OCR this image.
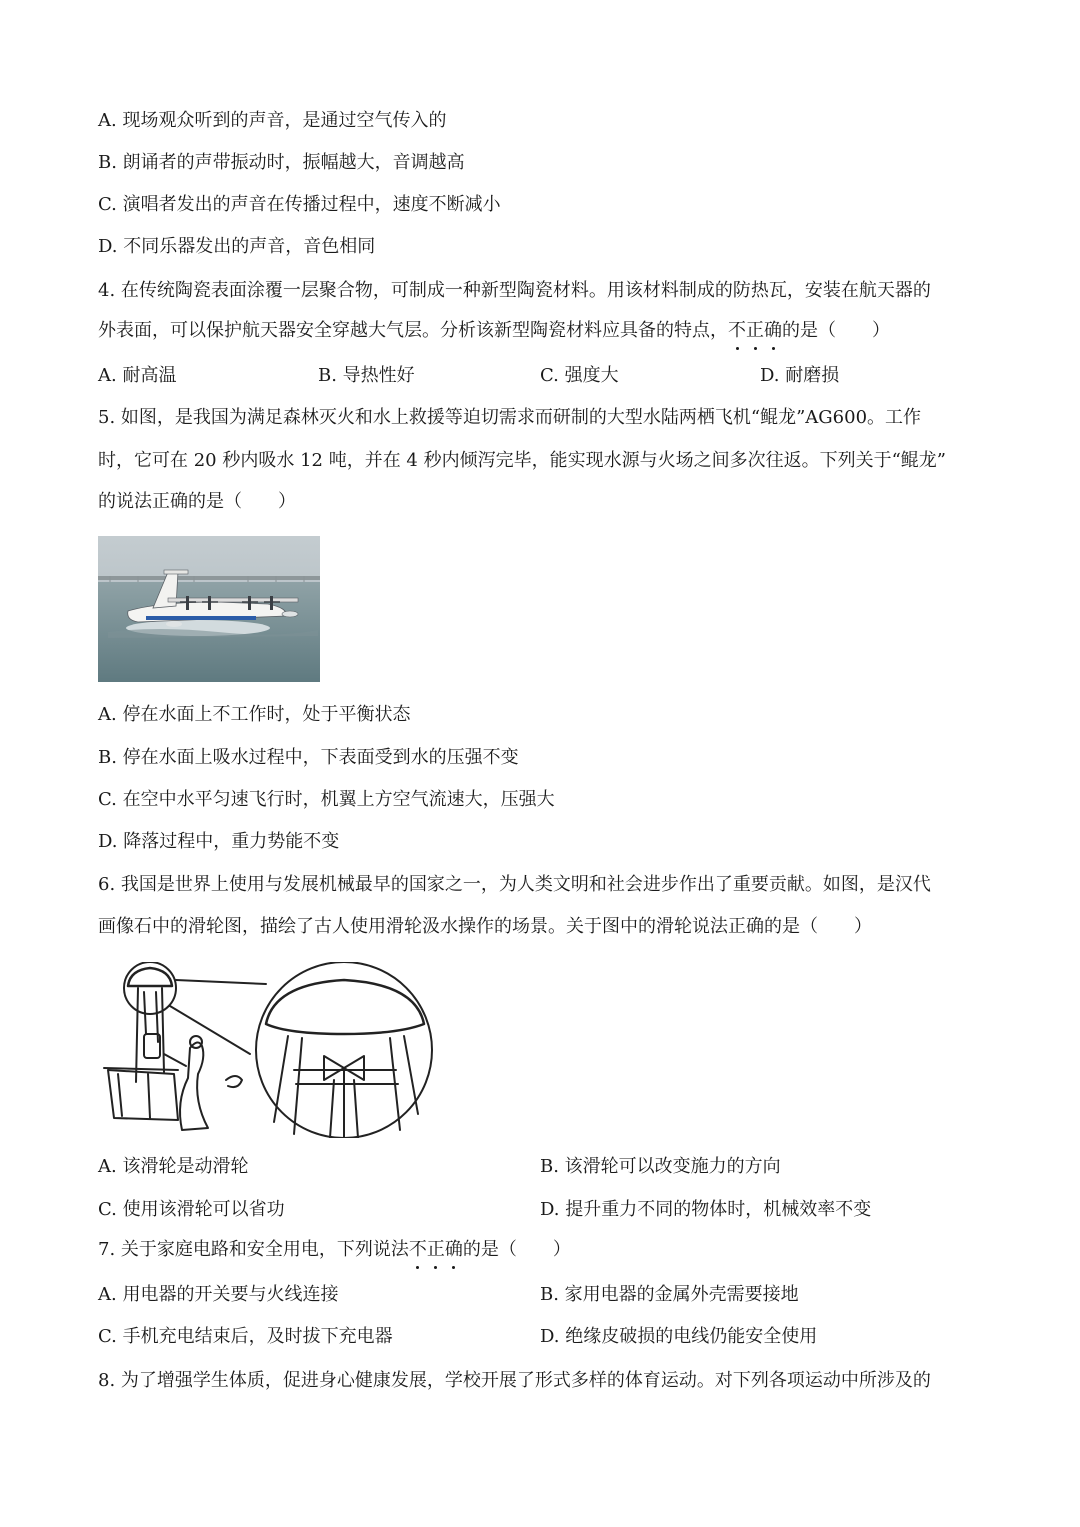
A. 现场观众听到的声音，是通过空气传入的
B. 朗诵者的声带振动时，振幅越大，音调越高
C. 演唱者发出的声音在传播过程中，速度不断减小
D. 不同乐器发出的声音，音色相同
4. 在传统陶瓷表面涂覆一层聚合物，可制成一种新型陶瓷材料。用该材料制成的防热瓦，安装在航天器的
外表面，可以保护航天器安全穿越大气层。分析该新型陶瓷材料应具备的特点，不正确的是（　　）
A. 耐高温	B. 导热性好	C. 强度大	D. 耐磨损
5. 如图，是我国为满足森林灭火和水上救援等迫切需求而研制的大型水陆两栖飞机“鲲龙”AG600。工作
时，它可在 20 秒内吸水 12 吨，并在 4 秒内倾泻完毕，能实现水源与火场之间多次往返。下列关于“鲲龙”
的说法正确的是（　　）
A. 停在水面上不工作时，处于平衡状态
B. 停在水面上吸水过程中，下表面受到水的压强不变
C. 在空中水平匀速飞行时，机翼上方空气流速大，压强大
D. 降落过程中，重力势能不变
6. 我国是世界上使用与发展机械最早的国家之一，为人类文明和社会进步作出了重要贡献。如图，是汉代
画像石中的滑轮图，描绘了古人使用滑轮汲水操作的场景。关于图中的滑轮说法正确的是（　　）
A. 该滑轮是动滑轮	B. 该滑轮可以改变施力的方向
C. 使用该滑轮可以省功	D. 提升重力不同的物体时，机械效率不变
7. 关于家庭电路和安全用电，下列说法不正确的是（　　）
A. 用电器的开关要与火线连接	B. 家用电器的金属外壳需要接地
C. 手机充电结束后，及时拔下充电器	D. 绝缘皮破损的电线仍能安全使用
8. 为了增强学生体质，促进身心健康发展，学校开展了形式多样的体育运动。对下列各项运动中所涉及的
